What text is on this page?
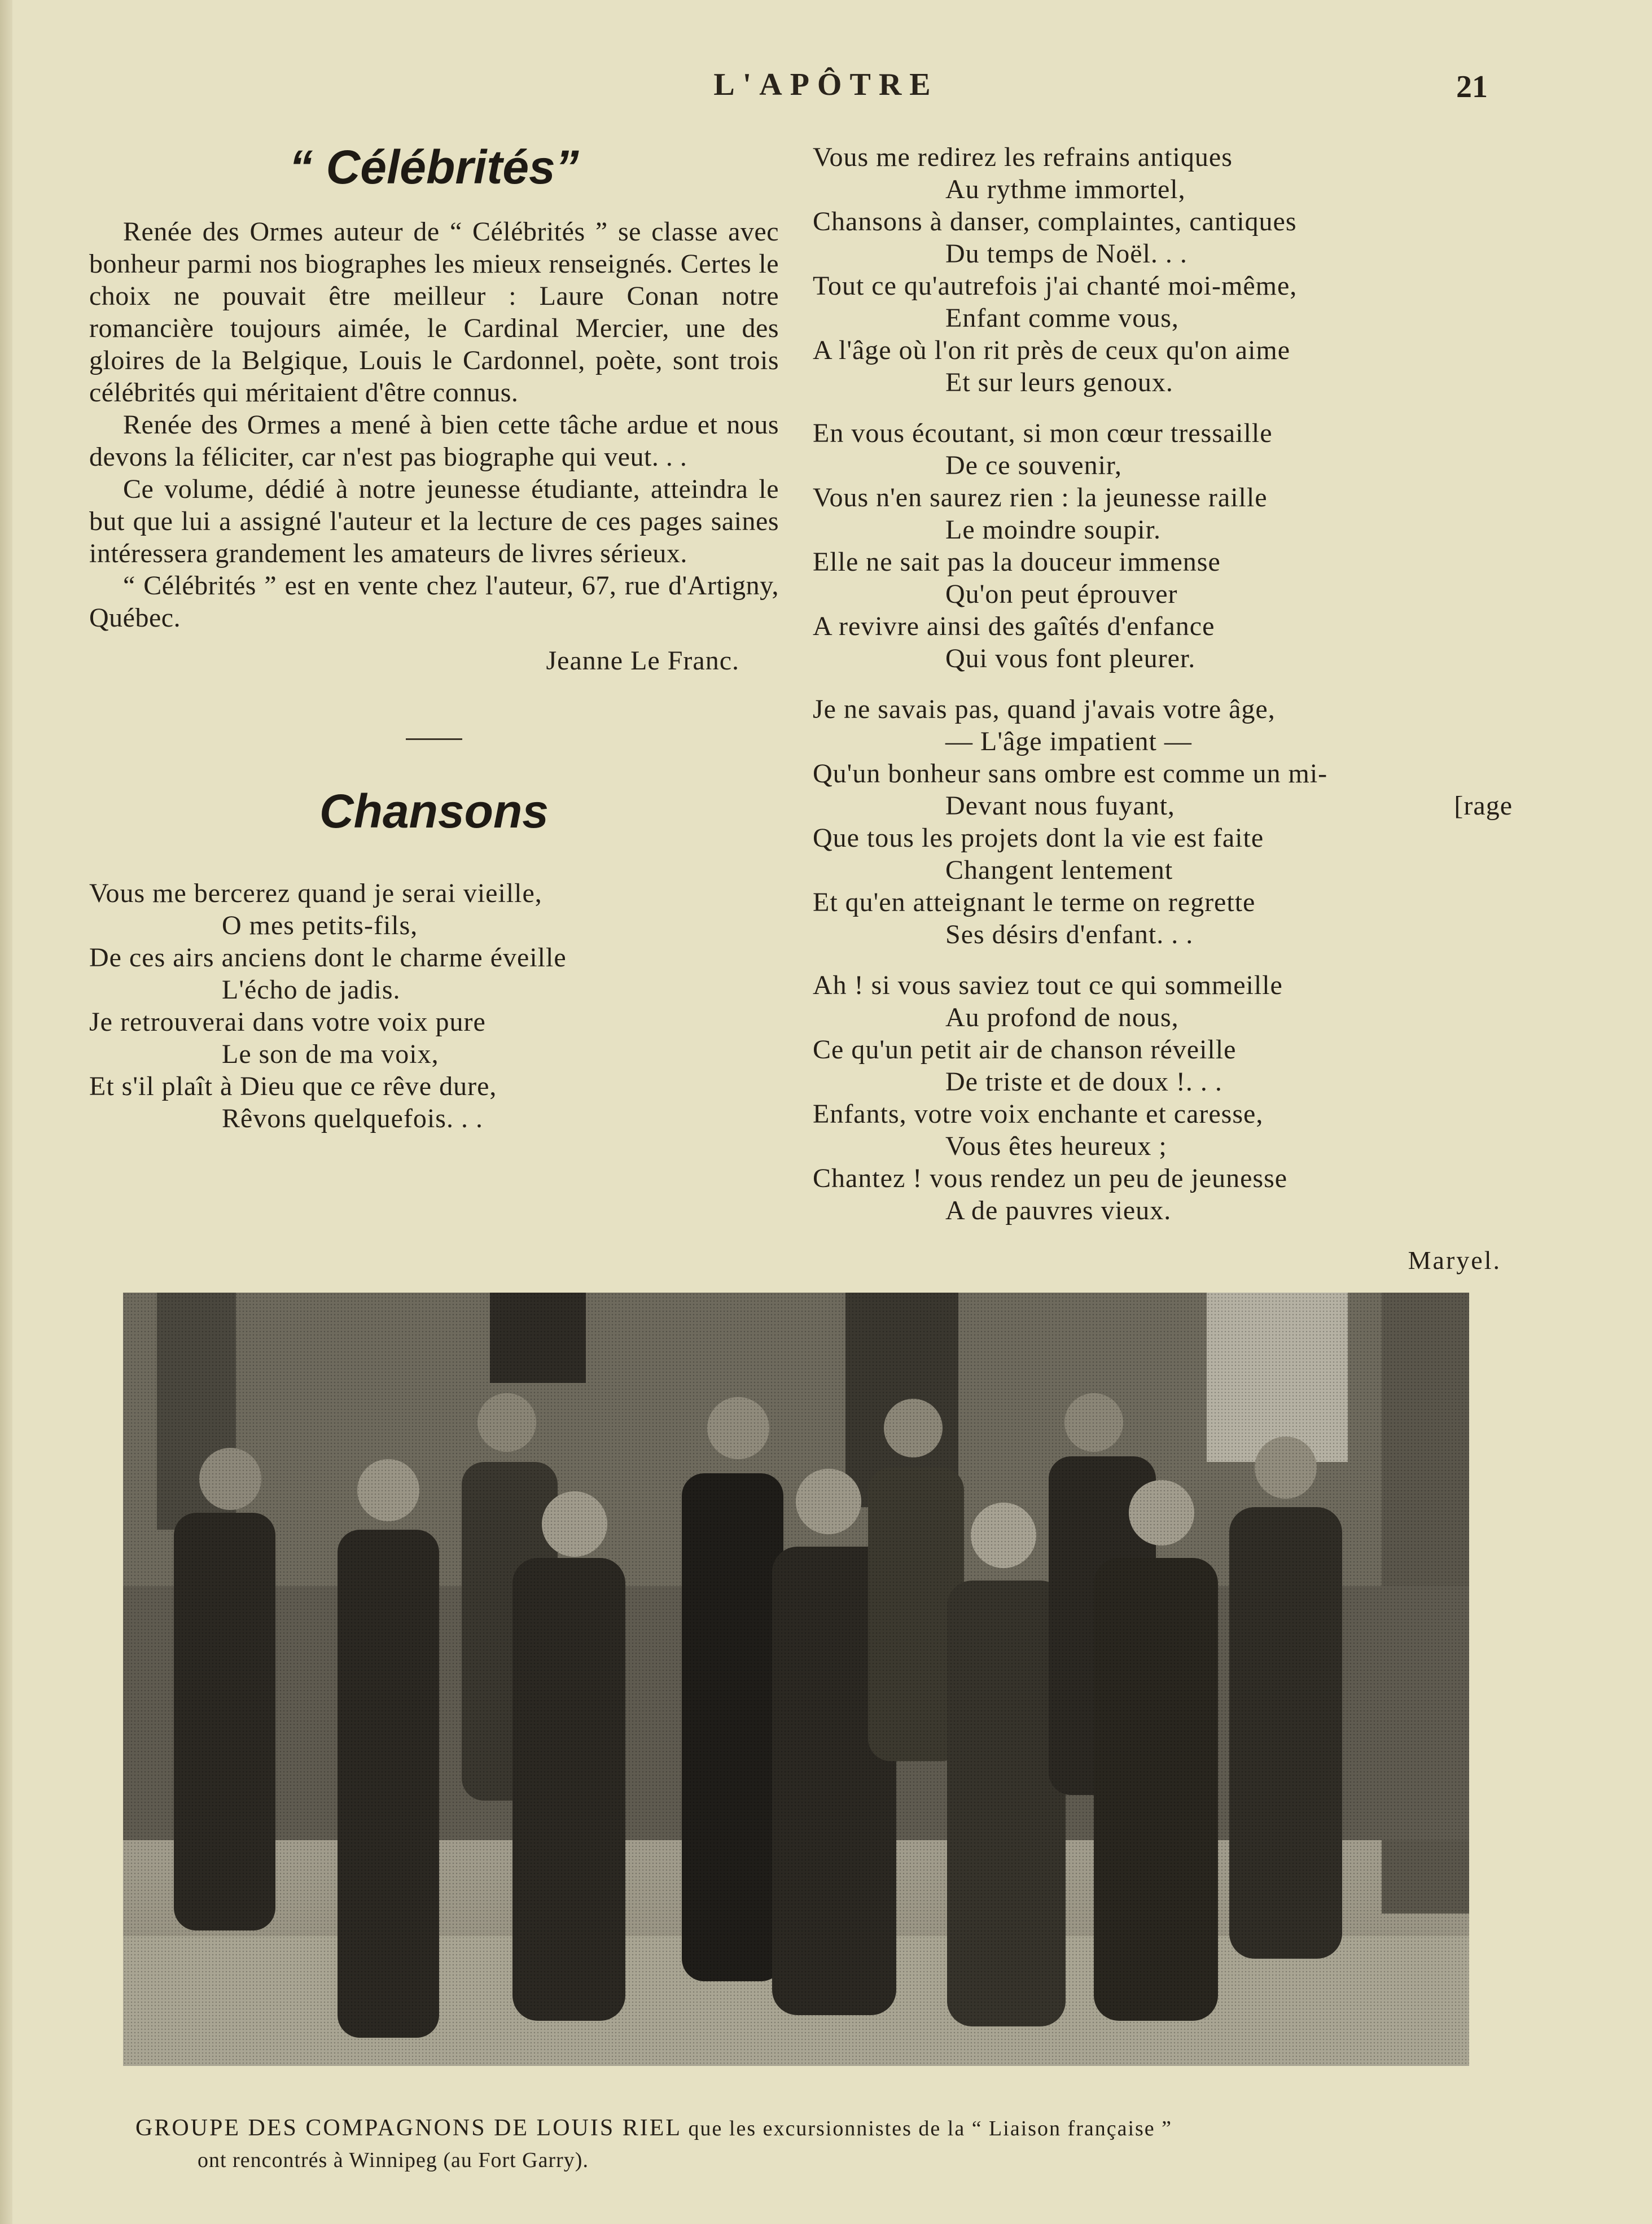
L'APÔTRE	21
“ Célébrités”

Renée des Ormes auteur de “ Célébrités ” se classe avec bonheur parmi nos biographes les mieux renseignés. Certes le choix ne pouvait être meilleur : Laure Conan notre romancière toujours aimée, le Cardinal Mercier, une des gloires de la Belgique, Louis le Cardonnel, poète, sont trois célébrités qui méritaient d'être connus.

Renée des Ormes a mené à bien cette tâche ardue et nous devons la féliciter, car n'est pas biographe qui veut. . .

Ce volume, dédié à notre jeunesse étudiante, atteindra le but que lui a assigné l'auteur et la lecture de ces pages saines intéressera grandement les amateurs de livres sérieux.

“ Célébrités ” est en vente chez l'auteur, 67, rue d'Artigny, Québec.

Jeanne Le Franc.
Chansons
Vous me bercerez quand je serai vieille,
O mes petits-fils,
De ces airs anciens dont le charme éveille
L'écho de jadis.
Je retrouverai dans votre voix pure
Le son de ma voix,
Et s'il plaît à Dieu que ce rêve dure,
Rêvons quelquefois. . .
Vous me redirez les refrains antiques
Au rythme immortel,
Chansons à danser, complaintes, cantiques
Du temps de Noël. . .
Tout ce qu'autrefois j'ai chanté moi-même,
Enfant comme vous,
A l'âge où l'on rit près de ceux qu'on aime
Et sur leurs genoux.
En vous écoutant, si mon cœur tressaille
De ce souvenir,
Vous n'en saurez rien : la jeunesse raille
Le moindre soupir.
Elle ne sait pas la douceur immense
Qu'on peut éprouver
A revivre ainsi des gaîtés d'enfance
Qui vous font pleurer.
Je ne savais pas, quand j'avais votre âge,
— L'âge impatient —
Qu'un bonheur sans ombre est comme un mi-
Devant nous fuyant,	[rage
Que tous les projets dont la vie est faite
Changent lentement
Et qu'en atteignant le terme on regrette
Ses désirs d'enfant. . .
Ah ! si vous saviez tout ce qui sommeille
Au profond de nous,
Ce qu'un petit air de chanson réveille
De triste et de doux !. . .
Enfants, votre voix enchante et caresse,
Vous êtes heureux ;
Chantez ! vous rendez un peu de jeunesse
A de pauvres vieux.
Maryel.
GROUPE DES COMPAGNONS DE LOUIS RIEL que les excursionnistes de la “ Liaison française ”
ont rencontrés à Winnipeg (au Fort Garry).
